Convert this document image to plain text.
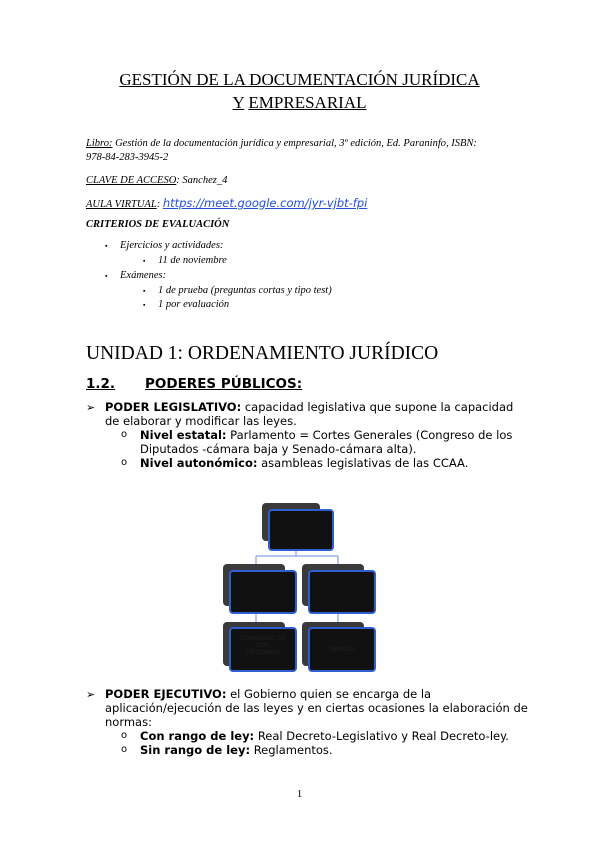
GESTIÓN DE LA DOCUMENTACIÓN JURÍDICA
Y EMPRESARIAL
Libro: Gestión de la documentación jurídica y empresarial, 3º edición, Ed. Paraninfo, ISBN:
978-84-283-3945-2
CLAVE DE ACCESO: Sanchez_4
AULA VIRTUAL: https://meet.google.com/jyr-vjbt-fpi
CRITERIOS DE EVALUACIÓN
▪ Ejercicios y actividades:
▪ 11 de noviembre
▪ Exámenes:
▪ 1 de prueba (preguntas cortas y tipo test)
▪ 1 por evaluación
UNIDAD 1: ORDENAMIENTO JURÍDICO
1.2. PODERES PÚBLICOS:
➢ PODER LEGISLATIVO: capacidad legislativa que supone la capacidad
de elaborar y modificar las leyes.
o Nivel estatal: Parlamento = Cortes Generales (Congreso de los
Diputados -cámara baja y Senado-cámara alta).
o Nivel autonómico: asambleas legislativas de las CCAA.
CONGRESO DE
LOS
DIPUTADOS	SENADO
➢ PODER EJECUTIVO: el Gobierno quien se encarga de la
aplicación/ejecución de las leyes y en ciertas ocasiones la elaboración de
normas:
o Con rango de ley: Real Decreto-Legislativo y Real Decreto-ley.
o Sin rango de ley: Reglamentos.
1
